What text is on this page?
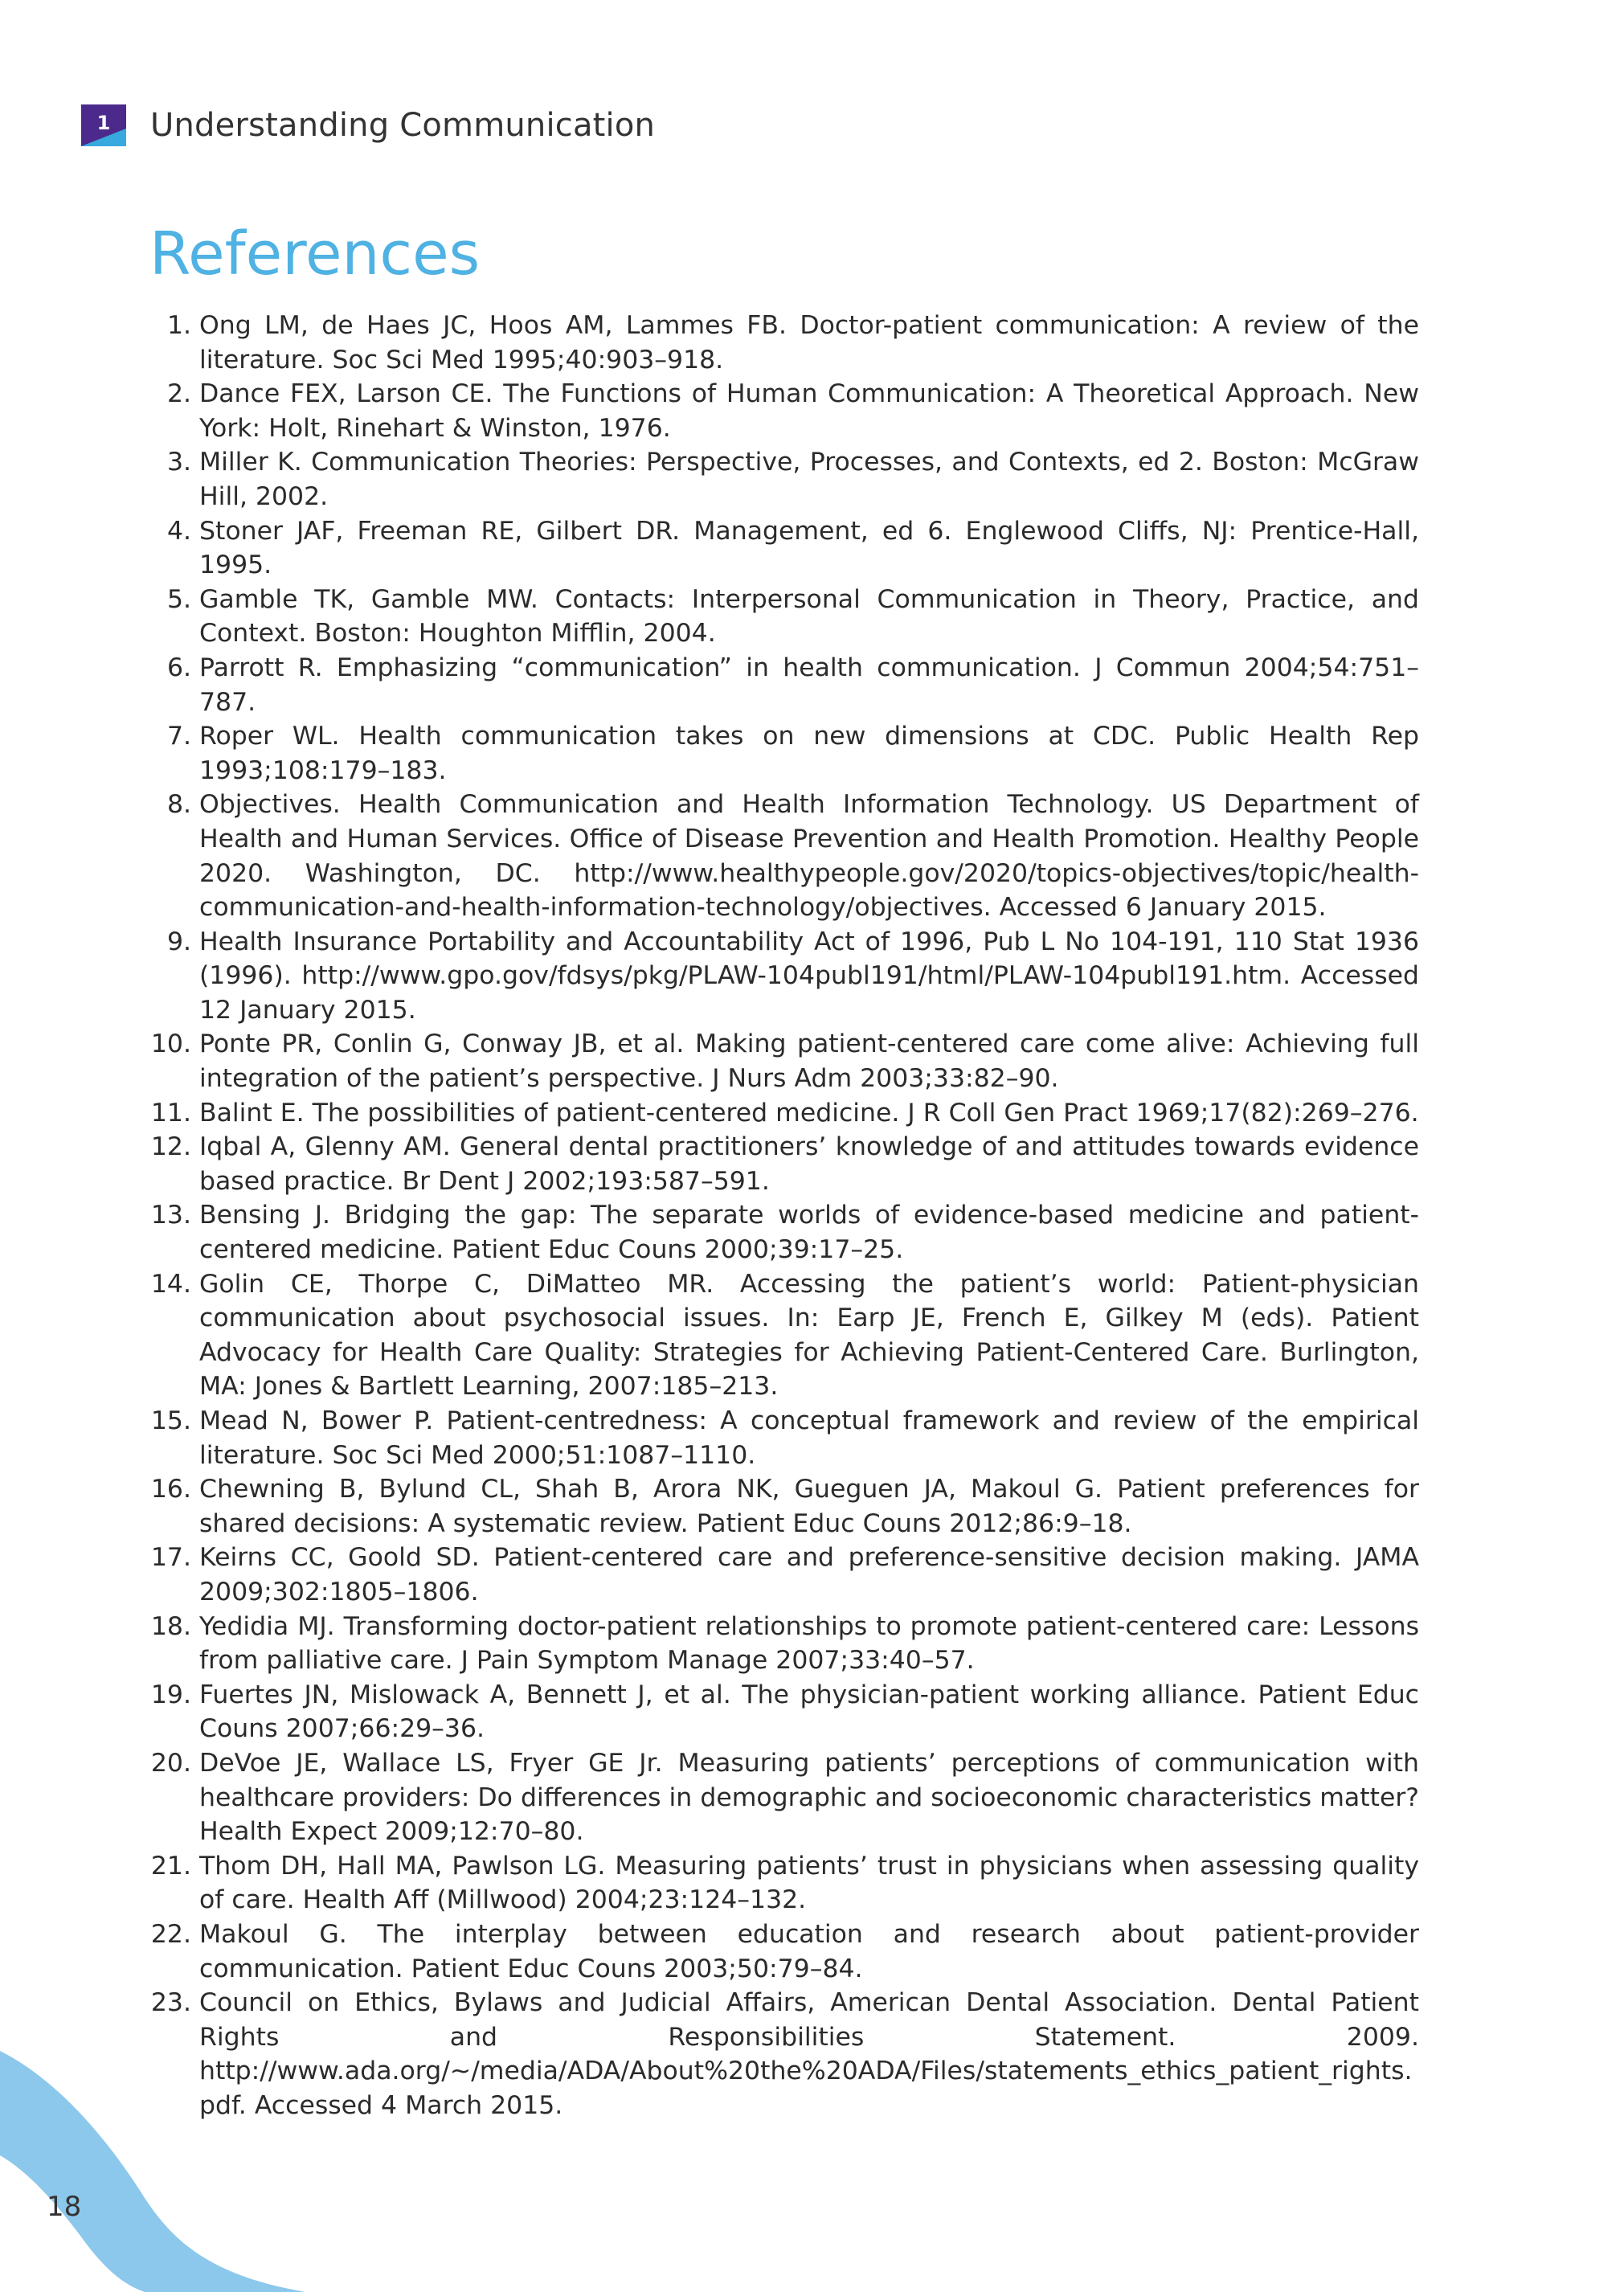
1	Understanding Communication
References
1. Ong LM, de Haes JC, Hoos AM, Lammes FB. Doctor-patient communication: A review of the literature. Soc Sci Med 1995;40:903–918.
2. Dance FEX, Larson CE. The Functions of Human Communication: A Theoretical Approach. New York: Holt, Rinehart & Winston, 1976.
3. Miller K. Communication Theories: Perspective, Processes, and Contexts, ed 2. Boston: McGraw Hill, 2002.
4. Stoner JAF, Freeman RE, Gilbert DR. Management, ed 6. Englewood Cliffs, NJ: Prentice-Hall, 1995.
5. Gamble TK, Gamble MW. Contacts: Interpersonal Communication in Theory, Practice, and Context. Boston: Houghton Mifflin, 2004.
6. Parrott R. Emphasizing “communication” in health communication. J Commun 2004;54:751–787.
7. Roper WL. Health communication takes on new dimensions at CDC. Public Health Rep 1993;108:179–183.
8. Objectives. Health Communication and Health Information Technology. US Department of Health and Human Services. Office of Disease Prevention and Health Promotion. Healthy People 2020. Washington, DC. http://www.healthypeople.gov/2020/topics-objectives/topic/health-communication-and-health-information-technology/objectives. Accessed 6 January 2015.
9. Health Insurance Portability and Accountability Act of 1996, Pub L No 104-191, 110 Stat 1936 (1996). http://www.gpo.gov/fdsys/pkg/PLAW-104publ191/html/PLAW-104publ191.htm. Accessed 12 January 2015.
10. Ponte PR, Conlin G, Conway JB, et al. Making patient-centered care come alive: Achieving full integration of the patient’s perspective. J Nurs Adm 2003;33:82–90.
11. Balint E. The possibilities of patient-centered medicine. J R Coll Gen Pract 1969;17(82):269–276.
12. Iqbal A, Glenny AM. General dental practitioners’ knowledge of and attitudes towards evidence based practice. Br Dent J 2002;193:587–591.
13. Bensing J. Bridging the gap: The separate worlds of evidence-based medicine and patient-centered medicine. Patient Educ Couns 2000;39:17–25.
14. Golin CE, Thorpe C, DiMatteo MR. Accessing the patient’s world: Patient-physician communication about psychosocial issues. In: Earp JE, French E, Gilkey M (eds). Patient Advocacy for Health Care Quality: Strategies for Achieving Patient-Centered Care. Burlington, MA: Jones & Bartlett Learning, 2007:185–213.
15. Mead N, Bower P. Patient-centredness: A conceptual framework and review of the empirical literature. Soc Sci Med 2000;51:1087–1110.
16. Chewning B, Bylund CL, Shah B, Arora NK, Gueguen JA, Makoul G. Patient preferences for shared decisions: A systematic review. Patient Educ Couns 2012;86:9–18.
17. Keirns CC, Goold SD. Patient-centered care and preference-sensitive decision making. JAMA 2009;302:1805–1806.
18. Yedidia MJ. Transforming doctor-patient relationships to promote patient-centered care: Lessons from palliative care. J Pain Symptom Manage 2007;33:40–57.
19. Fuertes JN, Mislowack A, Bennett J, et al. The physician-patient working alliance. Patient Educ Couns 2007;66:29–36.
20. DeVoe JE, Wallace LS, Fryer GE Jr. Measuring patients’ perceptions of communication with healthcare providers: Do differences in demographic and socioeconomic characteristics matter? Health Expect 2009;12:70–80.
21. Thom DH, Hall MA, Pawlson LG. Measuring patients’ trust in physicians when assessing quality of care. Health Aff (Millwood) 2004;23:124–132.
22. Makoul G. The interplay between education and research about patient-provider communication. Patient Educ Couns 2003;50:79–84.
23. Council on Ethics, Bylaws and Judicial Affairs, American Dental Association. Dental Patient Rights and Responsibilities Statement. 2009. http://www.ada.org/~/media/ADA/About%20the%20ADA/Files/statements_ethics_patient_rights.pdf. Accessed 4 March 2015.
18
